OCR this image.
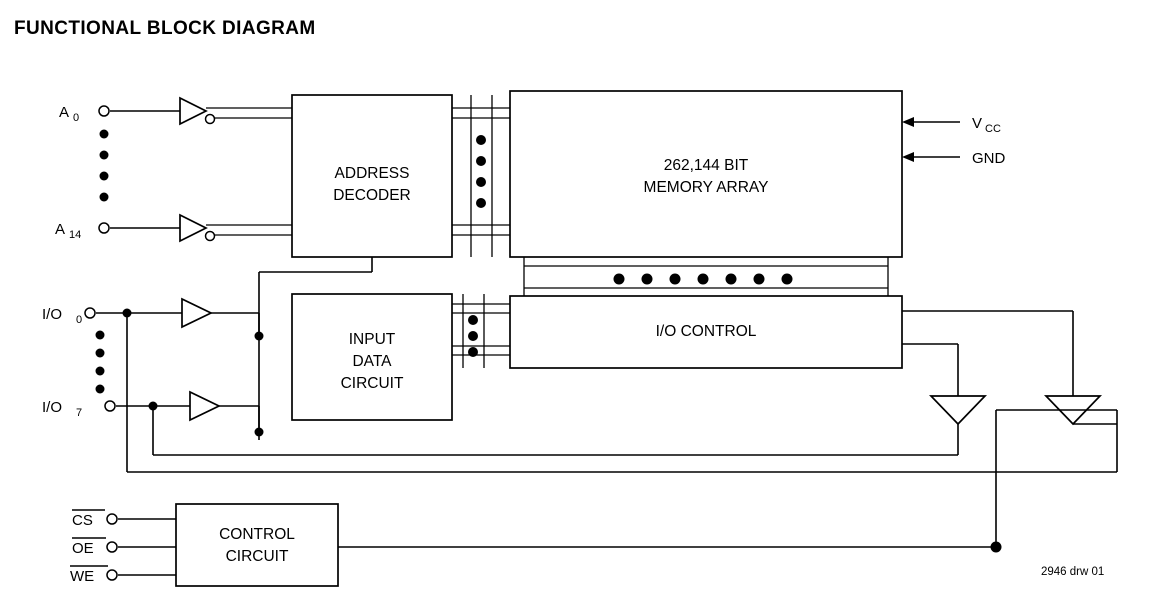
FUNCTIONAL BLOCK DIAGRAM
ADDRESS
DECODER
262,144 BIT
MEMORY ARRAY
INPUT
DATA
CIRCUIT
I/O CONTROL
CONTROL
CIRCUIT
A 0
A 14
I/O 0
I/O 7
CS
OE
WE
V CC
GND
2946 drw 01
